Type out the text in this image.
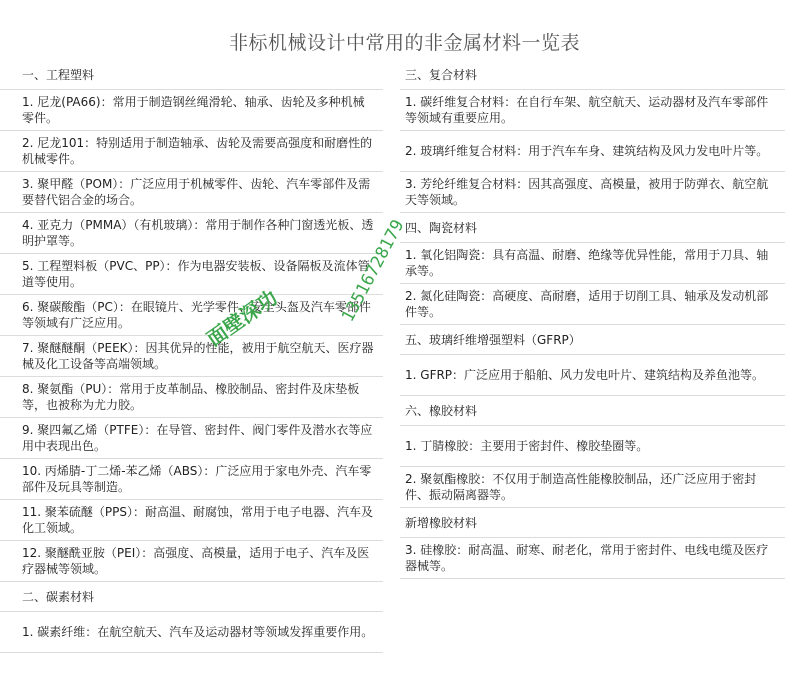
非标机械设计中常用的非金属材料一览表
一、工程塑料
1. 尼龙(PA66)：常用于制造钢丝绳滑轮、轴承、齿轮及多种机械零件。
2. 尼龙101：特别适用于制造轴承、齿轮及需要高强度和耐磨性的机械零件。
3. 聚甲醛（POM）：广泛应用于机械零件、齿轮、汽车零部件及需要替代铝合金的场合。
4. 亚克力（PMMA）（有机玻璃）：常用于制作各种门窗透光板、透明护罩等。
5. 工程塑料板（PVC、PP）：作为电器安装板、设备隔板及流体管道等使用。
6. 聚碳酸酯（PC）：在眼镜片、光学零件、安全头盔及汽车零部件等领域有广泛应用。
7. 聚醚醚酮（PEEK）：因其优异的性能，被用于航空航天、医疗器械及化工设备等高端领域。
8. 聚氨酯（PU）：常用于皮革制品、橡胶制品、密封件及床垫板等，也被称为尤力胶。
9. 聚四氟乙烯（PTFE）：在导管、密封件、阀门零件及潜水衣等应用中表现出色。
10. 丙烯腈-丁二烯-苯乙烯（ABS）：广泛应用于家电外壳、汽车零部件及玩具等制造。
11. 聚苯硫醚（PPS）：耐高温、耐腐蚀，常用于电子电器、汽车及化工领域。
12. 聚醚酰亚胺（PEI）：高强度、高模量，适用于电子、汽车及医疗器械等领域。
二、碳素材料
1. 碳素纤维：在航空航天、汽车及运动器材等领域发挥重要作用。
三、复合材料
1. 碳纤维复合材料：在自行车架、航空航天、运动器材及汽车零部件等领域有重要应用。
2. 玻璃纤维复合材料：用于汽车车身、建筑结构及风力发电叶片等。
3. 芳纶纤维复合材料：因其高强度、高模量，被用于防弹衣、航空航天等领域。
四、陶瓷材料
1. 氧化铝陶瓷：具有高温、耐磨、绝缘等优异性能，常用于刀具、轴承等。
2. 氮化硅陶瓷：高硬度、高耐磨，适用于切削工具、轴承及发动机部件等。
五、玻璃纤维增强塑料（GFRP）
1. GFRP：广泛应用于船舶、风力发电叶片、建筑结构及养鱼池等。
六、橡胶材料
1. 丁腈橡胶：主要用于密封件、橡胶垫圈等。
2. 聚氨酯橡胶：不仅用于制造高性能橡胶制品，还广泛应用于密封件、振动隔离器等。
新增橡胶材料
3. 硅橡胶：耐高温、耐寒、耐老化，常用于密封件、电线电缆及医疗器械等。
面壁深功	13516728179
